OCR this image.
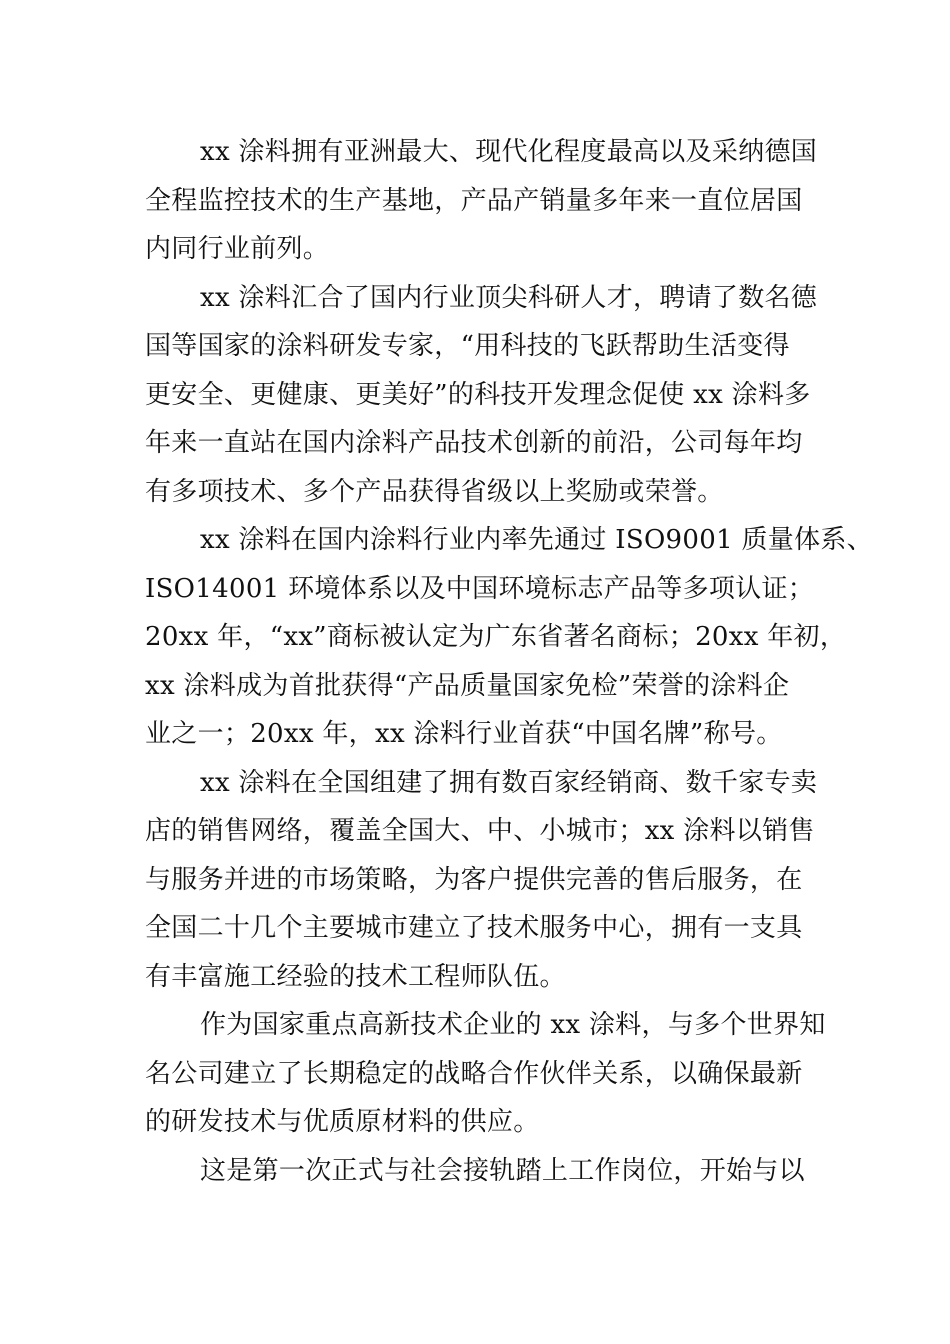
xx 涂料拥有亚洲最大、现代化程度最高以及采纳德国
全程监控技术的生产基地，产品产销量多年来一直位居国
内同行业前列。
xx 涂料汇合了国内行业顶尖科研人才，聘请了数名德
国等国家的涂料研发专家，“用科技的飞跃帮助生活变得
更安全、更健康、更美好”的科技开发理念促使 xx 涂料多
年来一直站在国内涂料产品技术创新的前沿，公司每年均
有多项技术、多个产品获得省级以上奖励或荣誉。
xx 涂料在国内涂料行业内率先通过 ISO9001 质量体系、
ISO14001 环境体系以及中国环境标志产品等多项认证；
20xx 年，“xx”商标被认定为广东省著名商标；20xx 年初，
xx 涂料成为首批获得“产品质量国家免检”荣誉的涂料企
业之一；20xx 年，xx 涂料行业首获“中国名牌”称号。
xx 涂料在全国组建了拥有数百家经销商、数千家专卖
店的销售网络，覆盖全国大、中、小城市；xx 涂料以销售
与服务并进的市场策略，为客户提供完善的售后服务，在
全国二十几个主要城市建立了技术服务中心，拥有一支具
有丰富施工经验的技术工程师队伍。
作为国家重点高新技术企业的 xx 涂料，与多个世界知
名公司建立了长期稳定的战略合作伙伴关系，以确保最新
的研发技术与优质原材料的供应。
这是第一次正式与社会接轨踏上工作岗位，开始与以
